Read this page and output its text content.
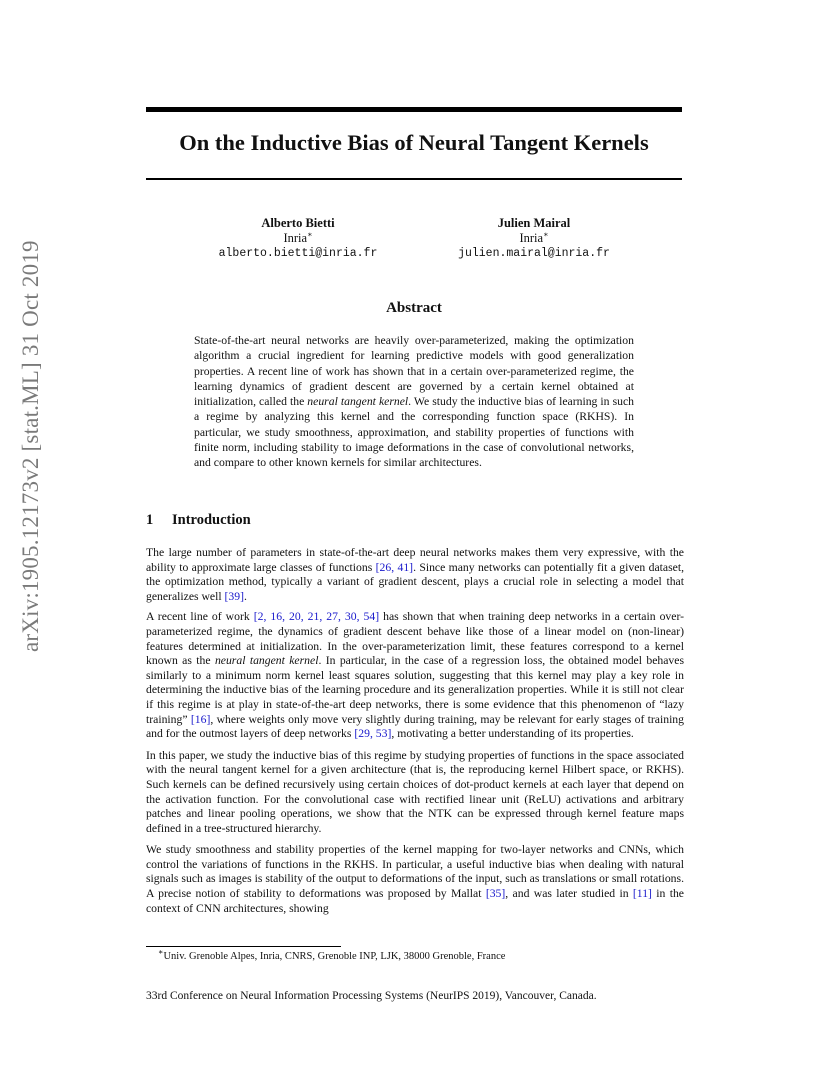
arXiv:1905.12173v2 [stat.ML] 31 Oct 2019
On the Inductive Bias of Neural Tangent Kernels
Alberto Bietti
Inria∗
alberto.bietti@inria.fr
Julien Mairal
Inria∗
julien.mairal@inria.fr
Abstract
State-of-the-art neural networks are heavily over-parameterized, making the optimization algorithm a crucial ingredient for learning predictive models with good generalization properties. A recent line of work has shown that in a certain over-parameterized regime, the learning dynamics of gradient descent are governed by a certain kernel obtained at initialization, called the neural tangent kernel. We study the inductive bias of learning in such a regime by analyzing this kernel and the corresponding function space (RKHS). In particular, we study smoothness, approximation, and stability properties of functions with finite norm, including stability to image deformations in the case of convolutional networks, and compare to other known kernels for similar architectures.
1 Introduction

The large number of parameters in state-of-the-art deep neural networks makes them very expressive, with the ability to approximate large classes of functions [26, 41]. Since many networks can potentially fit a given dataset, the optimization method, typically a variant of gradient descent, plays a crucial role in selecting a model that generalizes well [39].

A recent line of work [2, 16, 20, 21, 27, 30, 54] has shown that when training deep networks in a certain over-parameterized regime, the dynamics of gradient descent behave like those of a linear model on (non-linear) features determined at initialization. In the over-parameterization limit, these features correspond to a kernel known as the neural tangent kernel. In particular, in the case of a regression loss, the obtained model behaves similarly to a minimum norm kernel least squares solution, suggesting that this kernel may play a key role in determining the inductive bias of the learning procedure and its generalization properties. While it is still not clear if this regime is at play in state-of-the-art deep networks, there is some evidence that this phenomenon of “lazy training” [16], where weights only move very slightly during training, may be relevant for early stages of training and for the outmost layers of deep networks [29, 53], motivating a better understanding of its properties.

In this paper, we study the inductive bias of this regime by studying properties of functions in the space associated with the neural tangent kernel for a given architecture (that is, the reproducing kernel Hilbert space, or RKHS). Such kernels can be defined recursively using certain choices of dot-product kernels at each layer that depend on the activation function. For the convolutional case with rectified linear unit (ReLU) activations and arbitrary patches and linear pooling operations, we show that the NTK can be expressed through kernel feature maps defined in a tree-structured hierarchy.

We study smoothness and stability properties of the kernel mapping for two-layer networks and CNNs, which control the variations of functions in the RKHS. In particular, a useful inductive bias when dealing with natural signals such as images is stability of the output to deformations of the input, such as translations or small rotations. A precise notion of stability to deformations was proposed by Mallat [35], and was later studied in [11] in the context of CNN architectures, showing

∗Univ. Grenoble Alpes, Inria, CNRS, Grenoble INP, LJK, 38000 Grenoble, France
33rd Conference on Neural Information Processing Systems (NeurIPS 2019), Vancouver, Canada.
